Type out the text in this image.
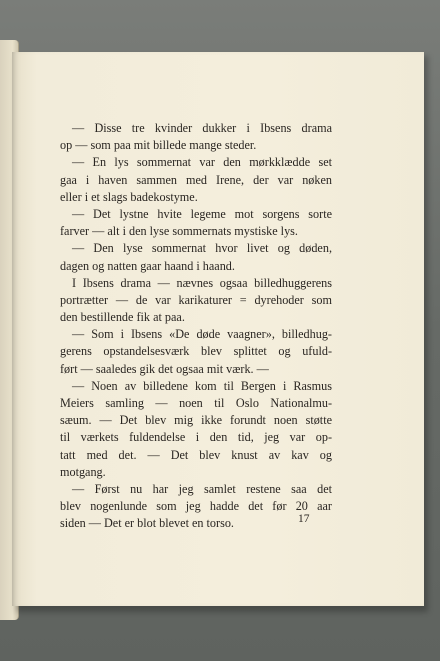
— Disse tre kvinder dukker i Ibsens drama
op — som paa mit billede mange steder.
— En lys sommernat var den mørkklædde set
gaa i haven sammen med Irene, der var nøken
eller i et slags badekostyme.
— Det lystne hvite legeme mot sorgens sorte
farver — alt i den lyse sommernats mystiske lys.
— Den lyse sommernat hvor livet og døden,
dagen og natten gaar haand i haand.
I Ibsens drama — nævnes ogsaa billedhuggerens
portrætter — de var karikaturer = dyrehoder som
den bestillende fik at paa.
— Som i Ibsens «De døde vaagner», billedhug-
gerens opstandelsesværk blev splittet og ufuld-
ført — saaledes gik det ogsaa mit værk. —
— Noen av billedene kom til Bergen i Rasmus
Meiers samling — noen til Oslo Nationalmu-
sæum. — Det blev mig ikke forundt noen støtte
til værkets fuldendelse i den tid, jeg var op-
tatt med det. — Det blev knust av kav og
motgang.
— Først nu har jeg samlet restene saa det
blev nogenlunde som jeg hadde det før 20 aar
siden — Det er blot blevet en torso.	17
